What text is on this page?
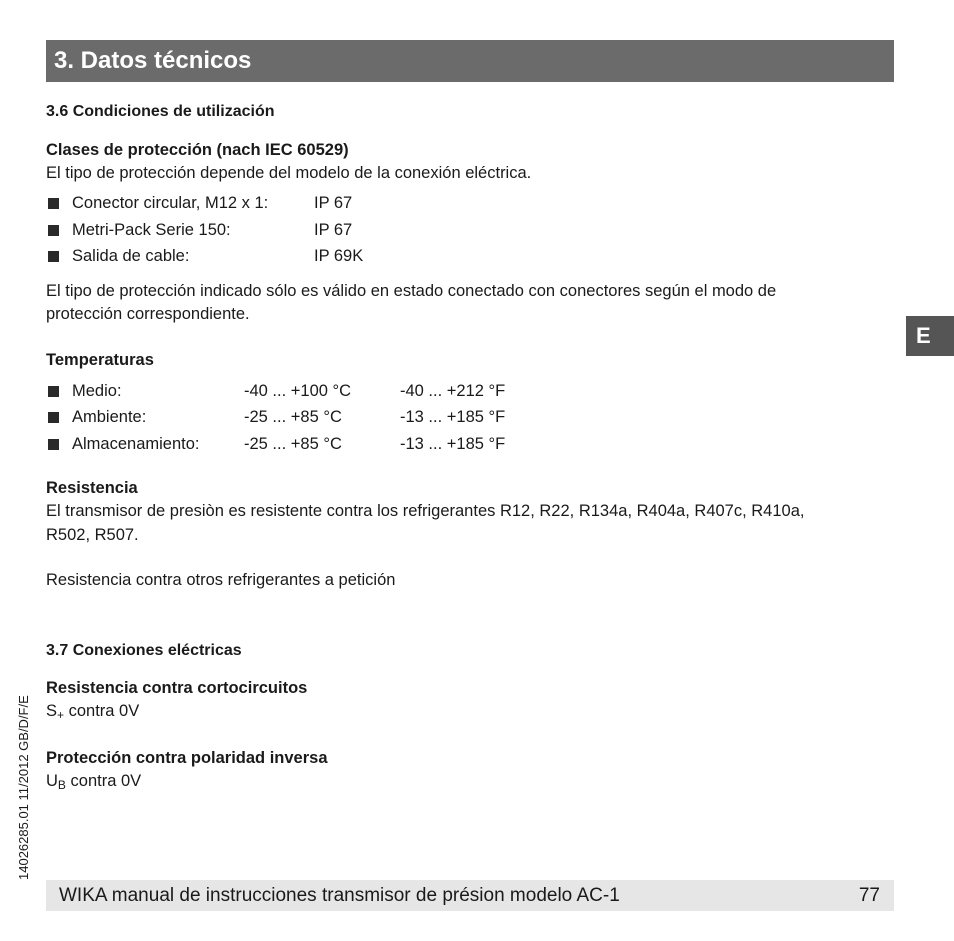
3. Datos técnicos
E
3.6 Condiciones de utilización
Clases de protección (nach IEC 60529)
El tipo de protección depende del modelo de la conexión eléctrica.
Conector circular, M12 x 1:	IP 67
Metri-Pack Serie 150:	IP 67
Salida de cable:	IP 69K
El tipo de protección indicado sólo es válido en estado conectado con conectores según el modo de
protección correspondiente.
Temperaturas
Medio:	-40 ... +100 °C	-40 ... +212 °F
Ambiente:	-25 ... +85 °C	-13 ... +185 °F
Almacenamiento:	-25 ... +85 °C	-13 ... +185 °F
Resistencia
El transmisor de presiòn es resistente contra los refrigerantes R12, R22, R134a, R404a, R407c, R410a,
R502, R507.
Resistencia contra otros refrigerantes a petición
3.7 Conexiones eléctricas
Resistencia contra cortocircuitos
$S_+$ contra 0V
Protección contra polaridad inversa
$U_B$ contra 0V
14026285.01 11/2012 GB/D/F/E
WIKA manual de instrucciones transmisor de présion modelo AC-1	77
